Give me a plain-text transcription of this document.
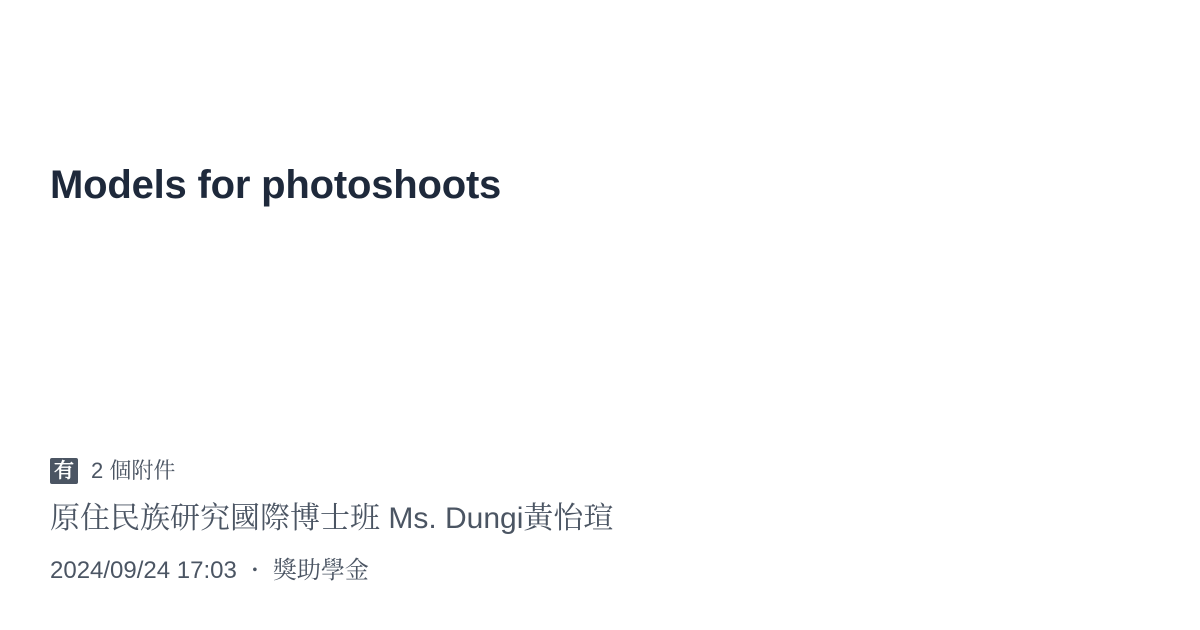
Models for photoshoots
有 2 個附件

原住民族研究國際博士班 Ms. Dungi黃怡瑄

2024/09/24 17:03 ・ 獎助學金
